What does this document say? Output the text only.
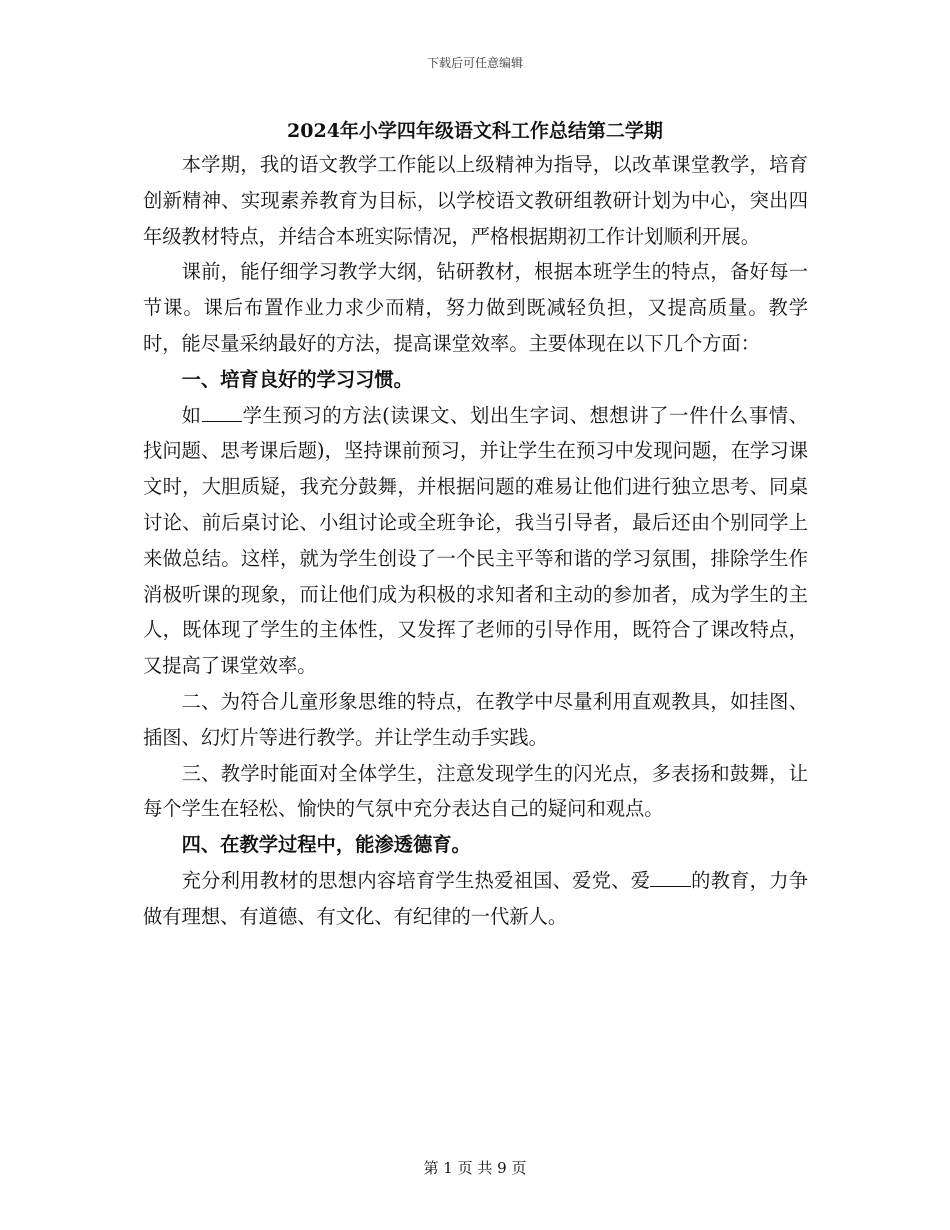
下载后可任意编辑
2024年小学四年级语文科工作总结第二学期

本学期，我的语文教学工作能以上级精神为指导，以改革课堂教学，培育创新精神、实现素养教育为目标，以学校语文教研组教研计划为中心，突出四年级教材特点，并结合本班实际情况，严格根据期初工作计划顺利开展。

课前，能仔细学习教学大纲，钻研教材，根据本班学生的特点，备好每一节课。课后布置作业力求少而精，努力做到既减轻负担，又提高质量。教学时，能尽量采纳最好的方法，提高课堂效率。主要体现在以下几个方面：

一、培育良好的学习习惯。

如 学生预习的方法(读课文、划出生字词、想想讲了一件什么事情、找问题、思考课后题)，坚持课前预习，并让学生在预习中发现问题，在学习课文时，大胆质疑，我充分鼓舞，并根据问题的难易让他们进行独立思考、同桌讨论、前后桌讨论、小组讨论或全班争论，我当引导者，最后还由个别同学上来做总结。这样，就为学生创设了一个民主平等和谐的学习氛围，排除学生作消极听课的现象，而让他们成为积极的求知者和主动的参加者，成为学生的主人，既体现了学生的主体性，又发挥了老师的引导作用，既符合了课改特点，又提高了课堂效率。

二、为符合儿童形象思维的特点，在教学中尽量利用直观教具，如挂图、插图、幻灯片等进行教学。并让学生动手实践。

三、教学时能面对全体学生，注意发现学生的闪光点，多表扬和鼓舞，让每个学生在轻松、愉快的气氛中充分表达自己的疑问和观点。

四、在教学过程中，能渗透德育。

充分利用教材的思想内容培育学生热爱祖国、爱党、爱 的教育，力争做有理想、有道德、有文化、有纪律的一代新人。

第 1 页 共 9 页
